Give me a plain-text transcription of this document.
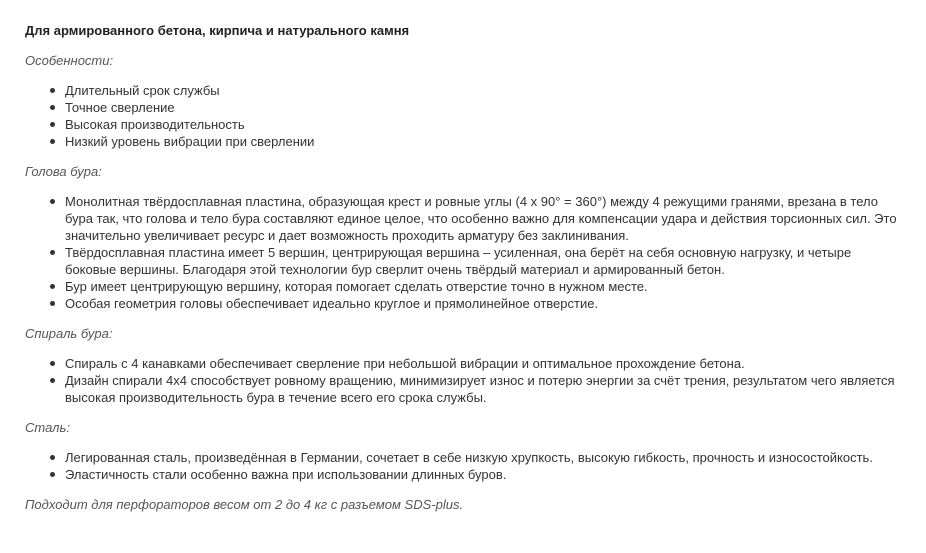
Для армированного бетона, кирпича и натурального камня
Особенности:
Длительный срок службы
Точное сверление
Высокая производительность
Низкий уровень вибрации при сверлении
Голова бура:
Монолитная твёрдосплавная пластина, образующая крест и ровные углы (4 x 90° = 360°) между 4 режущими гранями, врезана в тело бура так, что голова и тело бура составляют единое целое, что особенно важно для компенсации удара и действия торсионных сил. Это значительно увеличивает ресурс и дает возможность проходить арматуру без заклинивания.
Твёрдосплавная пластина имеет 5 вершин, центрирующая вершина – усиленная, она берёт на себя основную нагрузку, и четыре боковые вершины. Благодаря этой технологии бур сверлит очень твёрдый материал и армированный бетон.
Бур имеет центрирующую вершину, которая помогает сделать отверстие точно в нужном месте.
Особая геометрия головы обеспечивает идеально круглое и прямолинейное отверстие.
Спираль бура:
Спираль с 4 канавками обеспечивает сверление при небольшой вибрации и оптимальное прохождение бетона.
Дизайн спирали 4x4 способствует ровному вращению, минимизирует износ и потерю энергии за счёт трения, результатом чего является высокая производительность бура в течение всего его срока службы.
Сталь:
Легированная сталь, произведённая в Германии, сочетает в себе низкую хрупкость, высокую гибкость, прочность и износостойкость.
Эластичность стали особенно важна при использовании длинных буров.
Подходит для перфораторов весом от 2 до 4 кг с разъемом SDS-plus.
